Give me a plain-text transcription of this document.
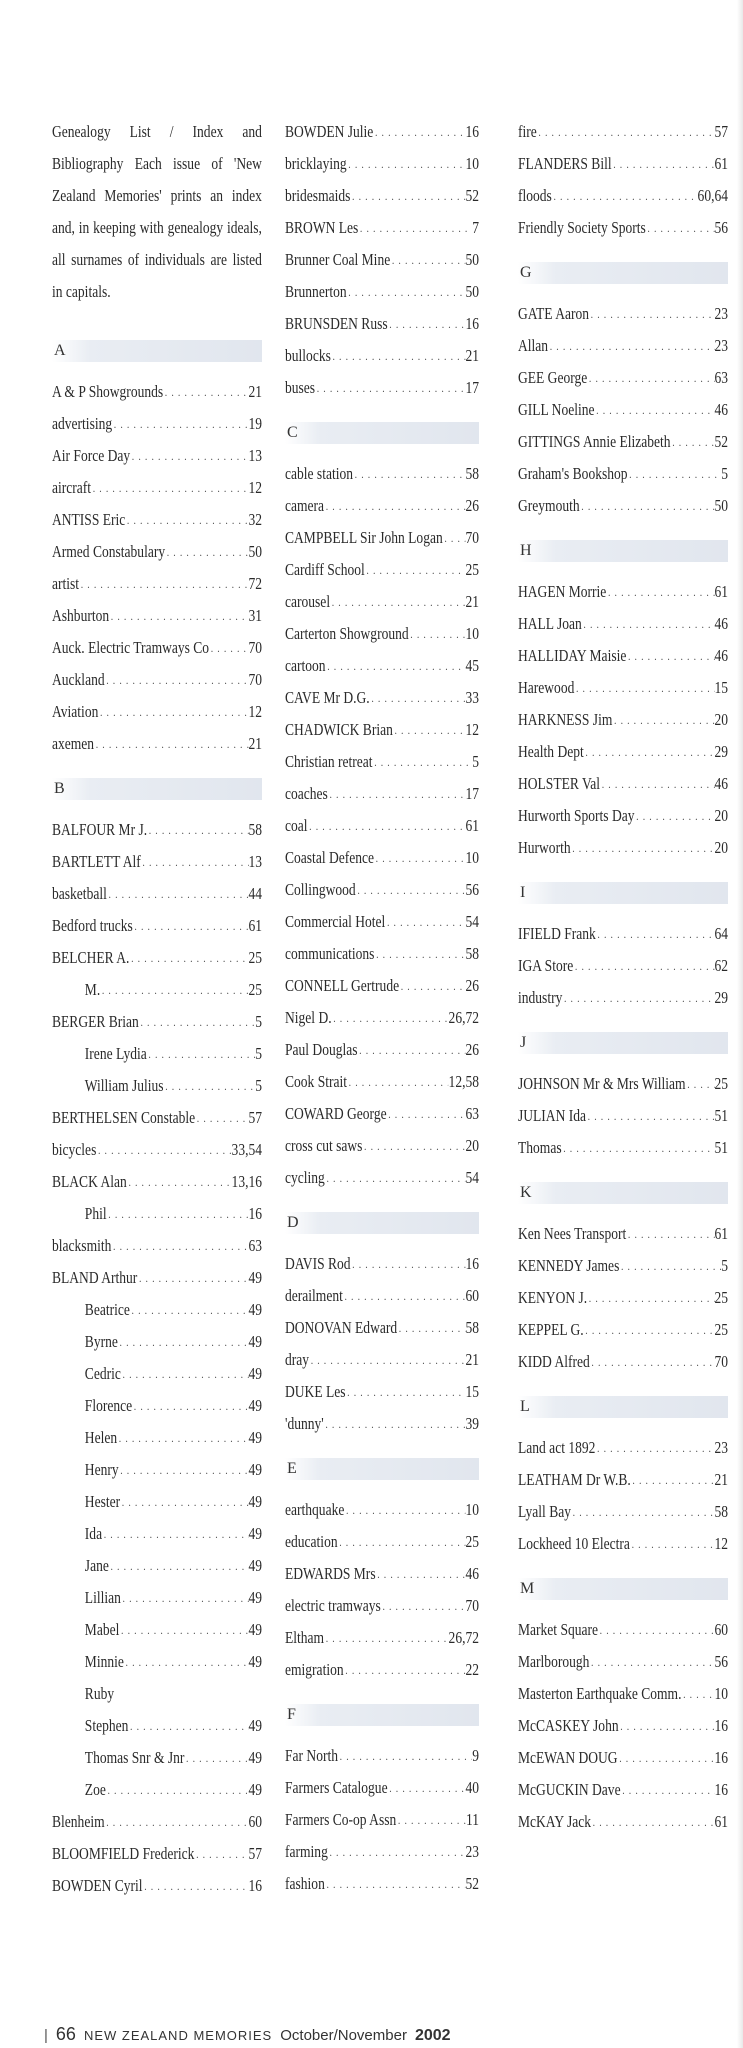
Genealogy List / Index and Bibliography Each issue of 'New Zealand Memories' prints an index and, in keeping with genealogy ideals, all surnames of individuals are listed in capitals.

A
A & P Showgrounds . . .	21
advertising . . .	19
Air Force Day . . .	13
aircraft . . .	12
ANTISS Eric . . .	32
Armed Constabulary . . .	50
artist . . .	72
Ashburton . . .	31
Auck. Electric Tramways Co . . . 70
Auckland . . .	70
Aviation . . .	12
axemen . . .	21
B
BALFOUR Mr J. . . .	58
BARTLETT Alf . . .	13
basketball . . .	44
Bedford trucks . . .	61
BELCHER A. . . .	25
M. . . .	25
BERGER Brian . . .	5
Irene Lydia . . .	5
William Julius . . .	5
BERTHELSEN Constable . . .	57
bicycles . . .	33,54
BLACK Alan . . .	13,16
Phil . . .	16
blacksmith . . .	63
BLAND Arthur . . .	49
Beatrice . . .	49
Byrne . . .	49
Cedric . . .	49
Florence . . .	49
Helen . . .	49
Henry . . .	49
Hester . . .	49
Ida . . .	49
Jane . . .	49
Lillian . . .	49
Mabel . . .	49
Minnie . . .	49
Ruby
Stephen . . .	49
Thomas Snr & Jnr . . .	49
Zoe . . .	49
Blenheim . . .	60
BLOOMFIELD Frederick . . .	57
BOWDEN Cyril . . .	16
BOWDEN Julie . . .	16
bricklaying . . .	10
bridesmaids . . .	52
BROWN Les . . .	7
Brunner Coal Mine . . .	50
Brunnerton . . .	50
BRUNSDEN Russ . . .	16
bullocks . . .	21
buses . . .	17
C
cable station . . .	58
camera . . .	26
CAMPBELL Sir John Logan . . . 70
Cardiff School . . .	25
carousel . . .	21
Carterton Showground . . .	10
cartoon . . .	45
CAVE Mr D.G. . . .	33
CHADWICK Brian . . .	12
Christian retreat . . .	5
coaches . . .	17
coal . . .	61
Coastal Defence . . .	10
Collingwood . . .	56
Commercial Hotel . . .	54
communications . . .	58
CONNELL Gertrude . . .	26
Nigel D. . . .	26,72
Paul Douglas . . .	26
Cook Strait . . .	12,58
COWARD George . . .	63
cross cut saws . . .	20
cycling . . .	54
D
DAVIS Rod . . .	16
derailment . . .	60
DONOVAN Edward . . .	58
dray . . .	21
DUKE Les . . .	15
'dunny' . . .	39
E
earthquake . . .	10
education . . .	25
EDWARDS Mrs . . .	46
electric tramways . . .	70
Eltham . . .	26,72
emigration . . .	22
F
Far North . . .	9
Farmers Catalogue . . .	40
Farmers Co-op Assn . . .	11
farming . . .	23
fashion . . .	52
fire . . .	57
FLANDERS Bill . . .	61
floods . . .	60,64
Friendly Society Sports . . .	56
G
GATE Aaron . . .	23
Allan . . .	23
GEE George . . .	63
GILL Noeline . . .	46
GITTINGS Annie Elizabeth . . .	52
Graham's Bookshop . . .	5
Greymouth . . .	50
H
HAGEN Morrie . . .	61
HALL Joan . . .	46
HALLIDAY Maisie . . .	46
Harewood . . .	15
HARKNESS Jim . . .	20
Health Dept . . .	29
HOLSTER Val . . .	46
Hurworth Sports Day . . .	20
Hurworth . . .	20
I
IFIELD Frank . . .	64
IGA Store . . .	62
industry . . .	29
J
JOHNSON Mr & Mrs William . . . 25
JULIAN Ida . . .	51
Thomas . . .	51
K
Ken Nees Transport . . .	61
KENNEDY James . . .	5
KENYON J. . . .	25
KEPPEL G. . . .	25
KIDD Alfred . . .	70
L
Land act 1892 . . .	23
LEATHAM Dr W.B. . . .	21
Lyall Bay . . .	58
Lockheed 10 Electra . . .	12
M
Market Square . . .	60
Marlborough . . .	56
Masterton Earthquake Comm. . . . 10
McCASKEY John . . .	16
McEWAN DOUG . . .	16
McGUCKIN Dave . . .	16
McKAY Jack . . .	61
| 66 NEW ZEALAND MEMORIES October/November 2002
